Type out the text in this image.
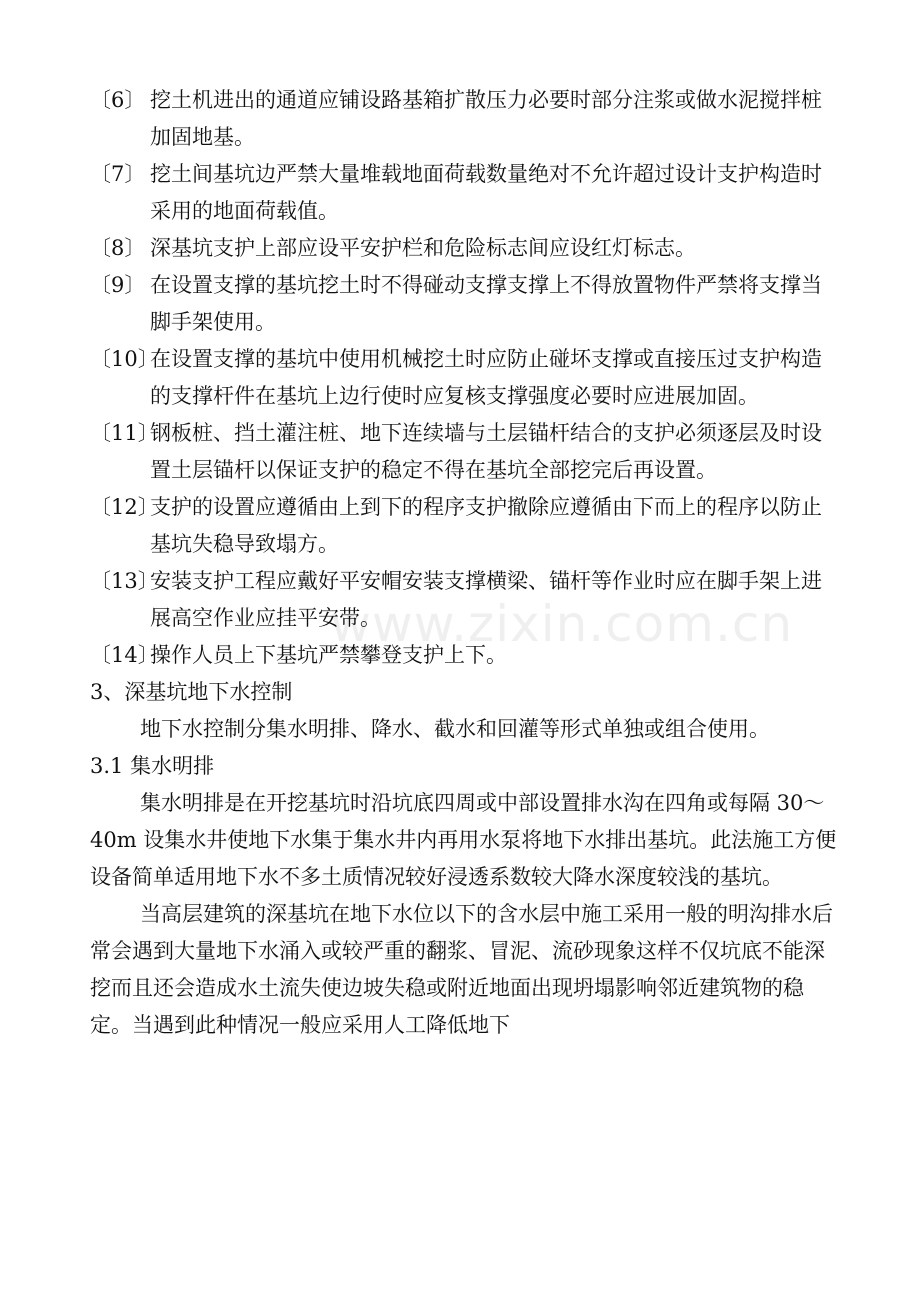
〔6〕 挖土机进出的通道应铺设路基箱扩散压力必要时部分注浆或做水泥搅拌桩加固地基。

〔7〕 挖土间基坑边严禁大量堆载地面荷载数量绝对不允许超过设计支护构造时采用的地面荷载值。

〔8〕 深基坑支护上部应设平安护栏和危险标志间应设红灯标志。

〔9〕 在设置支撑的基坑挖土时不得碰动支撑支撑上不得放置物件严禁将支撑当脚手架使用。

〔10〕在设置支撑的基坑中使用机械挖土时应防止碰坏支撑或直接压过支护构造的支撑杆件在基坑上边行使时应复核支撑强度必要时应进展加固。

〔11〕钢板桩、挡土灌注桩、地下连续墙与土层锚杆结合的支护必须逐层及时设置土层锚杆以保证支护的稳定不得在基坑全部挖完后再设置。

〔12〕支护的设置应遵循由上到下的程序支护撤除应遵循由下而上的程序以防止基坑失稳导致塌方。

〔13〕安装支护工程应戴好平安帽安装支撑横梁、锚杆等作业时应在脚手架上进展高空作业应挂平安带。

〔14〕操作人员上下基坑严禁攀登支护上下。

3、深基坑地下水控制

地下水控制分集水明排、降水、截水和回灌等形式单独或组合使用。

3.1 集水明排

集水明排是在开挖基坑时沿坑底四周或中部设置排水沟在四角或每隔 30～40m 设集水井使地下水集于集水井内再用水泵将地下水排出基坑。此法施工方便设备简单适用地下水不多土质情况较好浸透系数较大降水深度较浅的基坑。

当高层建筑的深基坑在地下水位以下的含水层中施工采用一般的明沟排水后常会遇到大量地下水涌入或较严重的翻浆、冒泥、流砂现象这样不仅坑底不能深挖而且还会造成水土流失使边坡失稳或附近地面出现坍塌影响邻近建筑物的稳定。当遇到此种情况一般应采用人工降低地下

www.zixin.com.cn
